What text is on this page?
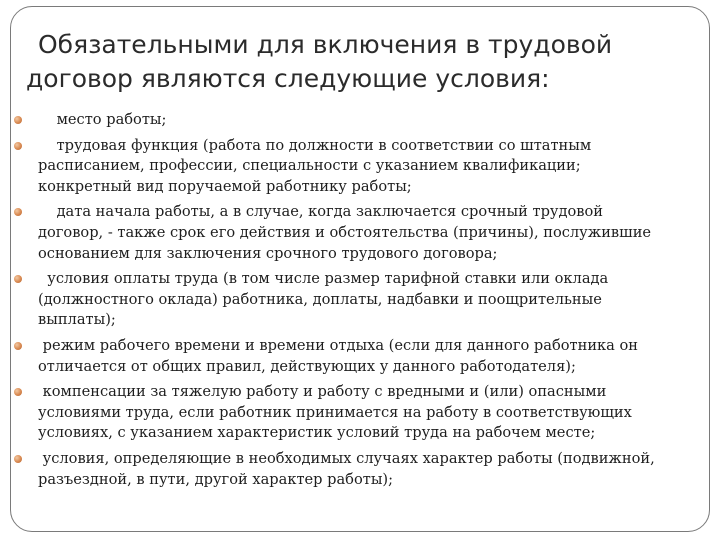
Обязательными для включения в трудовой договор являются следующие условия:
место работы;
трудовая функция (работа по должности в соответствии со штатным расписанием, профессии, специальности с указанием квалификации; конкретный вид поручаемой работнику работы;
дата начала работы, а в случае, когда заключается срочный трудовой договор, - также срок его действия и обстоятельства (причины), послужившие основанием для заключения срочного трудового договора;
условия оплаты труда (в том числе размер тарифной ставки или оклада (должностного оклада) работника, доплаты, надбавки и поощрительные выплаты);
режим рабочего времени и времени отдыха (если для данного работника он отличается от общих правил, действующих у данного работодателя);
компенсации за тяжелую работу и работу с вредными и (или) опасными условиями труда, если работник принимается на работу в соответствующих условиях, с указанием характеристик условий труда на рабочем месте;
условия, определяющие в необходимых случаях характер работы (подвижной, разъездной, в пути, другой характер работы);
